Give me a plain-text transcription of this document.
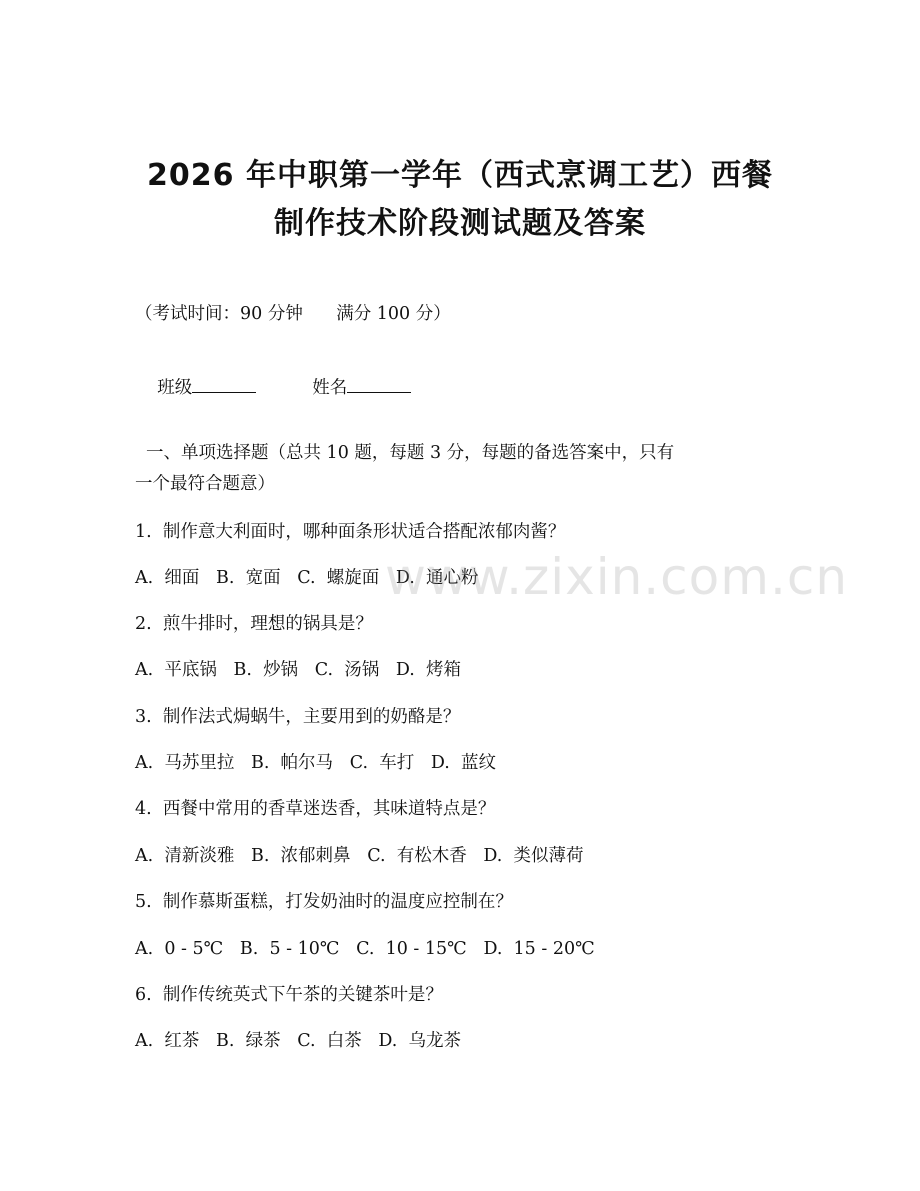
2026 年中职第一学年（西式烹调工艺）西餐
制作技术阶段测试题及答案
（考试时间：90 分钟      满分 100 分）

班级	姓名

一、单项选择题（总共 10 题，每题 3 分，每题的备选答案中，只有
一个最符合题意）
1.  制作意大利面时，哪种面条形状适合搭配浓郁肉酱？
A.  细面   B.  宽面   C.  螺旋面   D.  通心粉
2.  煎牛排时，理想的锅具是？
A.  平底锅   B.  炒锅   C.  汤锅   D.  烤箱
3.  制作法式焗蜗牛，主要用到的奶酪是？
A.  马苏里拉   B.  帕尔马   C.  车打   D.  蓝纹
4.  西餐中常用的香草迷迭香，其味道特点是？
A.  清新淡雅   B.  浓郁刺鼻   C.  有松木香   D.  类似薄荷
5.  制作慕斯蛋糕，打发奶油时的温度应控制在？
A.  0 - 5℃   B.  5 - 10℃   C.  10 - 15℃   D.  15 - 20℃
6.  制作传统英式下午茶的关键茶叶是？
A.  红茶   B.  绿茶   C.  白茶   D.  乌龙茶
www.zixin.com.cn
